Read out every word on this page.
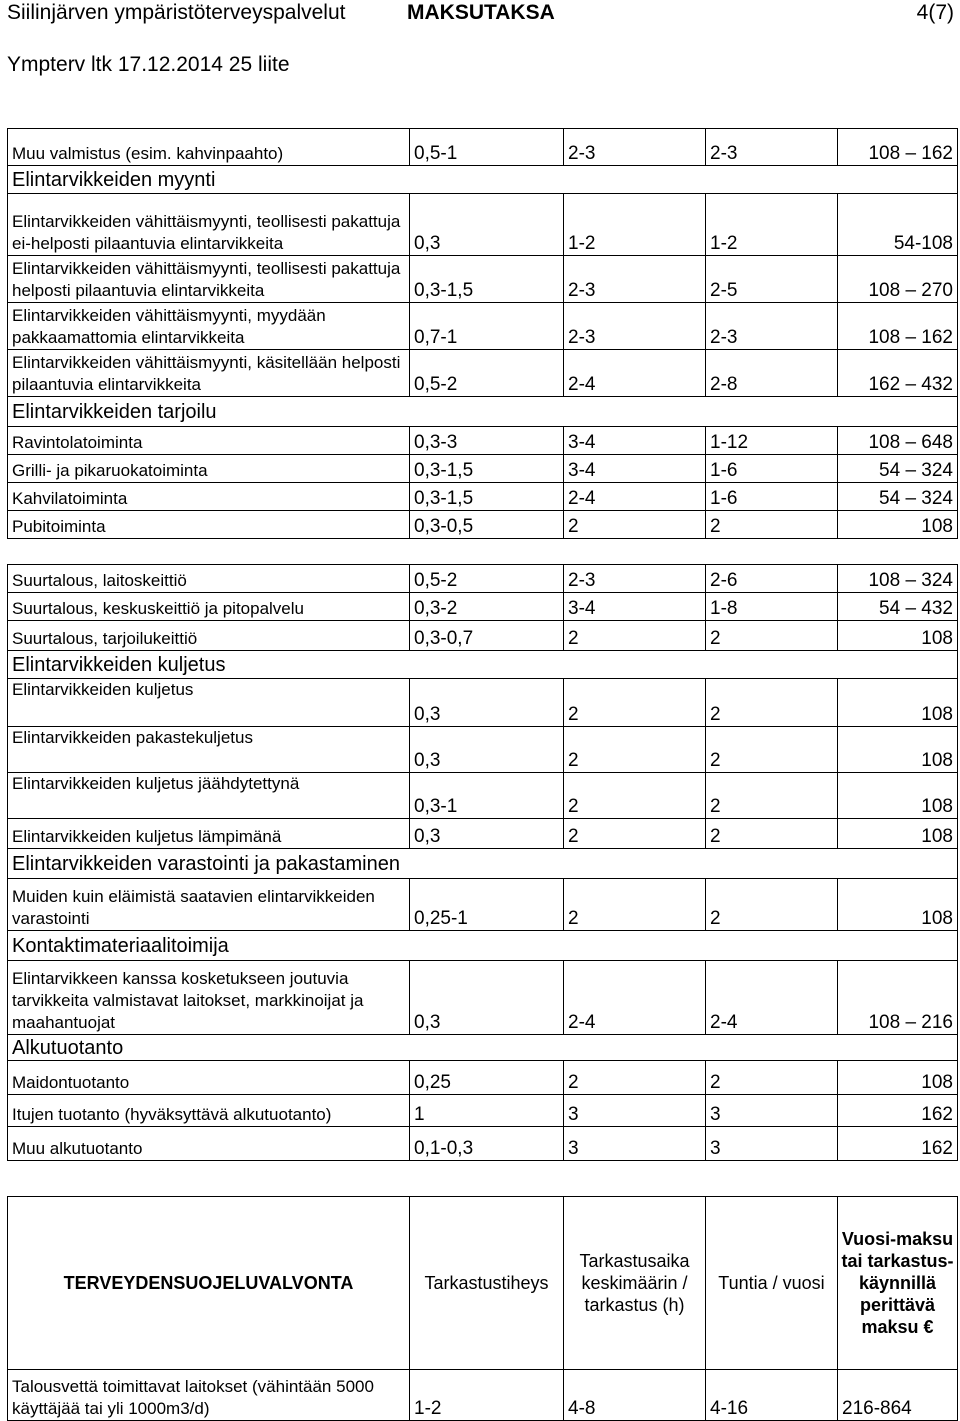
Siilinjärven ympäristöterveyspalvelut	MAKSUTAKSA	4(7)
Ympterv ltk 17.12.2014 25 liite
Muu valmistus (esim. kahvinpaahto)	0,5-1	2-3	2-3	108 – 162
Elintarvikkeiden myynti				
Elintarvikkeiden vähittäismyynti, teollisesti pakattuja ei-helposti pilaantuvia elintarvikkeita	0,3	1-2	1-2	54-108
Elintarvikkeiden vähittäismyynti, teollisesti pakattuja helposti pilaantuvia elintarvikkeita	0,3-1,5	2-3	2-5	108 – 270
Elintarvikkeiden vähittäismyynti, myydään pakkaamattomia elintarvikkeita	0,7-1	2-3	2-3	108 – 162
Elintarvikkeiden vähittäismyynti, käsitellään helposti pilaantuvia elintarvikkeita	0,5-2	2-4	2-8	162 – 432
Elintarvikkeiden tarjoilu				
Ravintolatoiminta	0,3-3	3-4	1-12	108 – 648
Grilli- ja pikaruokatoiminta	0,3-1,5	3-4	1-6	54 – 324
Kahvilatoiminta	0,3-1,5	2-4	1-6	54 – 324
Pubitoiminta	0,3-0,5	2	2	108

Suurtalous, laitoskeittiö	0,5-2	2-3	2-6	108 – 324
Suurtalous, keskuskeittiö ja pitopalvelu	0,3-2	3-4	1-8	54 – 432
Suurtalous, tarjoilukeittiö	0,3-0,7	2	2	108
Elintarvikkeiden kuljetus				
Elintarvikkeiden kuljetus	0,3	2	2	108
Elintarvikkeiden pakastekuljetus	0,3	2	2	108
Elintarvikkeiden kuljetus jäähdytettynä	0,3-1	2	2	108
Elintarvikkeiden kuljetus lämpimänä	0,3	2	2	108
Elintarvikkeiden varastointi ja pakastaminen				
Muiden kuin eläimistä saatavien elintarvikkeiden varastointi	0,25-1	2	2	108
Kontaktimateriaalitoimija				
Elintarvikkeen kanssa kosketukseen joutuvia tarvikkeita valmistavat laitokset, markkinoijat ja maahantuojat	0,3	2-4	2-4	108 – 216
Alkutuotanto				
Maidontuotanto	0,25	2	2	108
Itujen tuotanto (hyväksyttävä alkutuotanto)	1	3	3	162
Muu alkutuotanto	0,1-0,3	3	3	162
TERVEYDENSUOJELUVALVONTA	Tarkastustiheys	Tarkastusaika keskimäärin / tarkastus (h)	Tuntia / vuosi	Vuosi-maksu tai tarkastus-käynnillä perittävä maksu €
Talousvettä toimittavat laitokset (vähintään 5000 käyttäjää tai yli 1000m3/d)	1-2	4-8	4-16	216-864
